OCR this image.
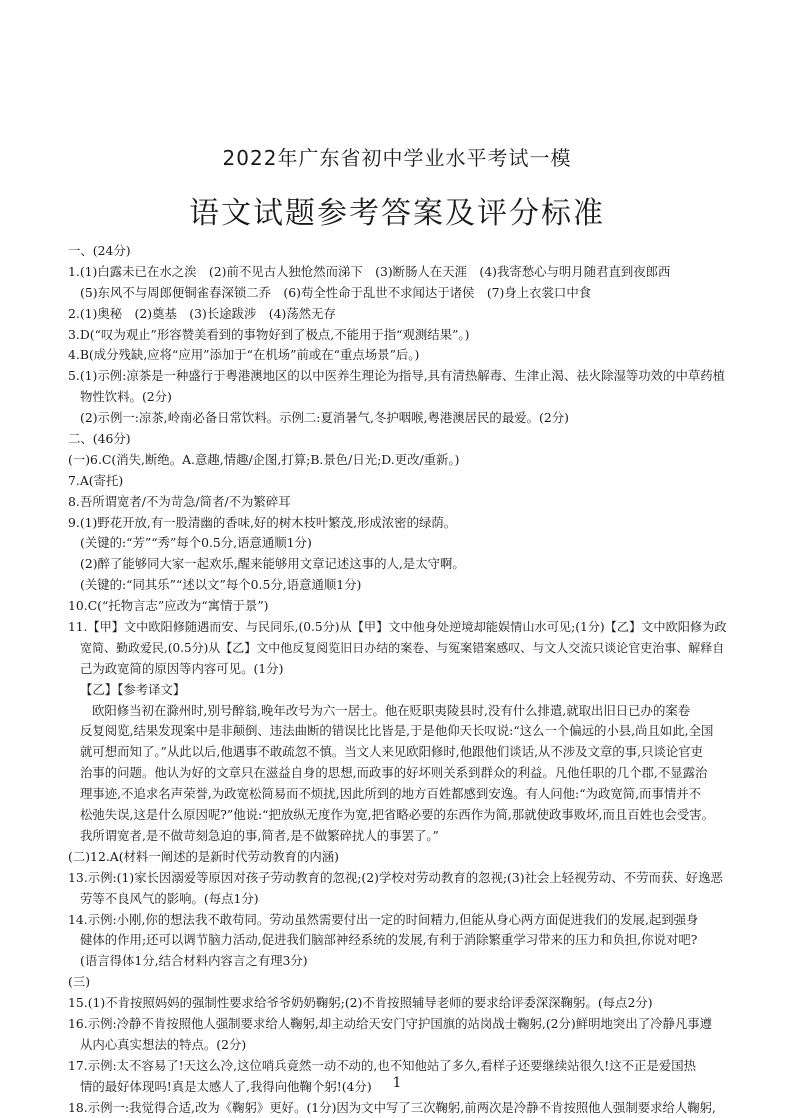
2022年广东省初中学业水平考试一模
语文试题参考答案及评分标准
一、(24分)
1.(1)白露未已在水之涘　(2)前不见古人独怆然而涕下　(3)断肠人在天涯　(4)我寄愁心与明月随君直到夜郎西
(5)东风不与周郎便铜雀春深锁二乔　(6)苟全性命于乱世不求闻达于诸侯　(7)身上衣裳口中食
2.(1)奥秘　(2)奠基　(3)长途跋涉　(4)荡然无存
3.D(“叹为观止”形容赞美看到的事物好到了极点,不能用于指“观测结果”。)
4.B(成分残缺,应将“应用”添加于“在机场”前或在“重点场景”后。)
5.(1)示例:凉茶是一种盛行于粤港澳地区的以中医养生理论为指导,具有清热解毒、生津止渴、祛火除湿等功效的中草药植
物性饮料。(2分)
(2)示例一:凉茶,岭南必备日常饮料。示例二:夏消暑气,冬护咽喉,粤港澳居民的最爱。(2分)
二、(46分)
(一)6.C(消失,断绝。A.意趣,情趣/企图,打算;B.景色/日光;D.更改/重新。)
7.A(寄托)
8.吾所谓宽者/不为苛急/简者/不为繁碎耳
9.(1)野花开放,有一股清幽的香味,好的树木枝叶繁茂,形成浓密的绿荫。
(关键的:“芳”“秀”每个0.5分,语意通顺1分)
(2)醉了能够同大家一起欢乐,醒来能够用文章记述这事的人,是太守啊。
(关键的:“同其乐”“述以文”每个0.5分,语意通顺1分)
10.C(“托物言志”应改为“寓情于景”)
11.【甲】文中欧阳修随遇而安、与民同乐,(0.5分)从【甲】文中他身处逆境却能娱情山水可见;(1分)【乙】文中欧阳修为政
宽简、勤政爱民,(0.5分)从【乙】文中他反复阅览旧日办结的案卷、与冤案错案感叹、与文人交流只谈论官吏治事、解释自
己为政宽简的原因等内容可见。(1分)
【乙】【参考译文】
欧阳修当初在滁州时,别号醉翁,晚年改号为六一居士。他在贬职夷陵县时,没有什么排遣,就取出旧日已办的案卷
反复阅览,结果发现案中是非颠倒、违法曲断的错误比比皆是,于是他仰天长叹说:“这么一个偏远的小县,尚且如此,全国
就可想而知了。”从此以后,他遇事不敢疏忽不慎。当文人来见欧阳修时,他跟他们谈话,从不涉及文章的事,只谈论官吏
治事的问题。他认为好的文章只在滋益自身的思想,而政事的好坏则关系到群众的利益。凡他任职的几个郡,不显露治
理事迹,不追求名声荣誉,为政宽松简易而不烦扰,因此所到的地方百姓都感到安逸。有人问他:“为政宽简,而事情并不
松弛失误,这是什么原因呢?”他说:“把放纵无度作为宽,把省略必要的东西作为简,那就使政事败坏,而且百姓也会受害。
我所谓宽者,是不做苛刻急迫的事,简者,是不做繁碎扰人的事罢了。”
(二)12.A(材料一阐述的是新时代劳动教育的内涵)
13.示例:(1)家长因溺爱等原因对孩子劳动教育的忽视;(2)学校对劳动教育的忽视;(3)社会上轻视劳动、不劳而获、好逸恶
劳等不良风气的影响。(每点1分)
14.示例:小刚,你的想法我不敢苟同。劳动虽然需要付出一定的时间精力,但能从身心两方面促进我们的发展,起到强身
健体的作用;还可以调节脑力活动,促进我们脑部神经系统的发展,有利于消除繁重学习带来的压力和负担,你说对吧?
(语言得体1分,结合材料内容言之有理3分)
(三)
15.(1)不肯按照妈妈的强制性要求给爷爷奶奶鞠躬;(2)不肯按照辅导老师的要求给评委深深鞠躬。(每点2分)
16.示例:冷静不肯按照他人强制要求给人鞠躬,却主动给天安门守护国旗的站岗战士鞠躬,(2分)鲜明地突出了冷静凡事遵
从内心真实想法的特点。(2分)
17.示例:太不容易了!天这么冷,这位哨兵竟然一动不动的,也不知他站了多久,看样子还要继续站很久!这不正是爱国热
情的最好体现吗!真是太感人了,我得向他鞠个躬!(4分)
18.示例一:我觉得合适,改为《鞠躬》更好。(1分)因为文中写了三次鞠躬,前两次是冷静不肯按照他人强制要求给人鞠躬,
1
